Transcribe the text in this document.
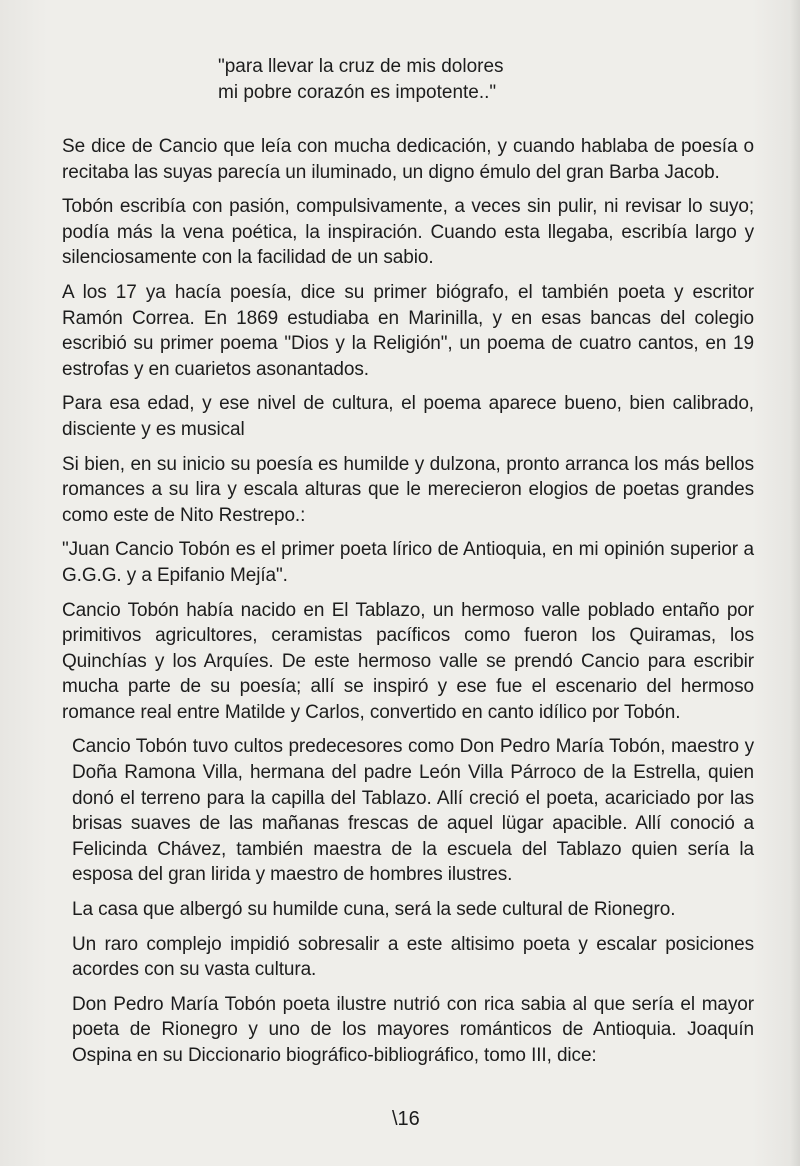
"para llevar la cruz de mis dolores

mi pobre corazón es impotente.."

Se dice de Cancio que leía con mucha dedicación, y cuando hablaba de poesía o recitaba las suyas parecía un iluminado, un digno émulo del gran Barba Jacob.

Tobón escribía con pasión, compulsivamente, a veces sin pulir, ni revisar lo suyo; podía más la vena poética, la inspiración. Cuando esta llegaba, escribía largo y silenciosamente con la facilidad de un sabio.

A los 17 ya hacía poesía, dice su primer biógrafo, el también poeta y escritor Ramón Correa. En 1869 estudiaba en Marinilla, y en esas bancas del colegio escribió su primer poema "Dios y la Religión", un poema de cuatro cantos, en 19 estrofas y en cuarietos asonantados.

Para esa edad, y ese nivel de cultura, el poema aparece bueno, bien calibrado, disciente y es musical

Si bien, en su inicio su poesía es humilde y dulzona, pronto arranca los más bellos romances a su lira y escala alturas que le merecieron elogios de poetas grandes como este de Nito Restrepo.:

"Juan Cancio Tobón es el primer poeta lírico de Antioquia, en mi opinión superior a G.G.G. y a Epifanio Mejía".

Cancio Tobón había nacido en El Tablazo, un hermoso valle poblado entaño por primitivos agricultores, ceramistas pacíficos como fueron los Quiramas, los Quinchías y los Arquíes. De este hermoso valle se prendó Cancio para escribir mucha parte de su poesía; allí se inspiró y ese fue el escenario del hermoso romance real entre Matilde y Carlos, convertido en canto idílico por Tobón.

Cancio Tobón tuvo cultos predecesores como Don Pedro María Tobón, maestro y Doña Ramona Villa, hermana del padre León Villa Párroco de la Estrella, quien donó el terreno para la capilla del Tablazo. Allí creció el poeta, acariciado por las brisas suaves de las mañanas frescas de aquel lügar apacible. Allí conoció a Felicinda Chávez, también maestra de la escuela del Tablazo quien sería la esposa del gran lirida y maestro de hombres ilustres.

La casa que albergó su humilde cuna, será la sede cultural de Rionegro.

Un raro complejo impidió sobresalir a este altisimo poeta y escalar posiciones acordes con su vasta cultura.

Don Pedro María Tobón poeta ilustre nutrió con rica sabia al que sería el mayor poeta de Rionegro y uno de los mayores románticos de Antioquia. Joaquín Ospina en su Diccionario biográfico-bibliográfico, tomo III, dice:

\16
